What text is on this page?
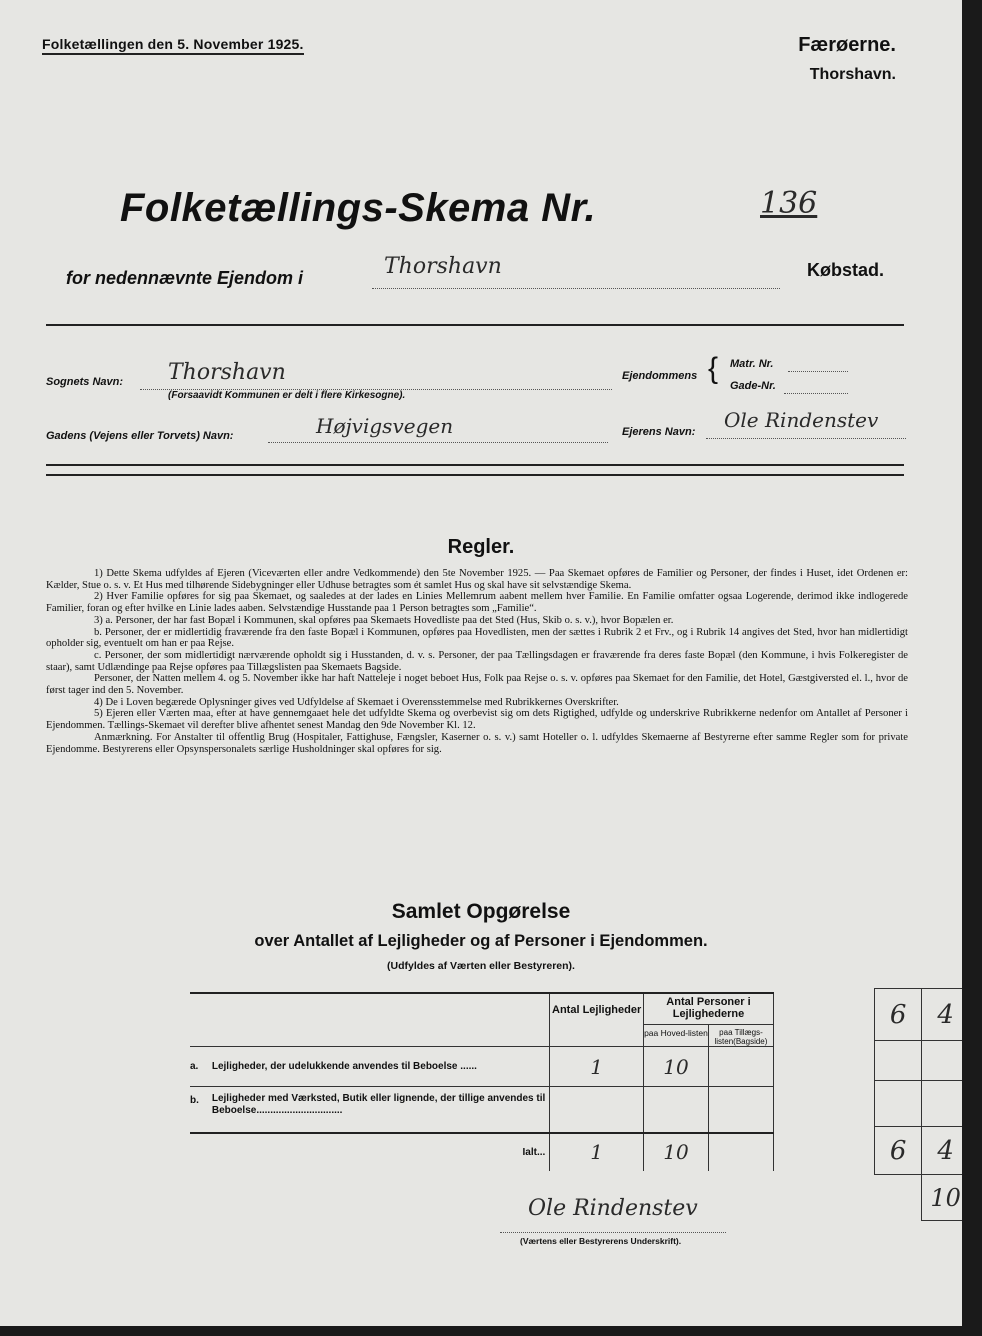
Folketællingen den 5. November 1925.	Færøerne.
Thorshavn.
Folketællings-Skema Nr.	136
for nedennævnte Ejendom i	Thorshavn	Købstad.
Sognets Navn: Thorshavn
(Forsaavidt Kommunen er delt i flere Kirkesogne).
Ejendommens { Matr. Nr.
Gade-Nr.
Gadens (Vejens eller Torvets) Navn:	Højvigsvegen	Ejerens Navn: Ole Rindenstev
Regler.

1) Dette Skema udfyldes af Ejeren (Viceværten eller andre Vedkommende) den 5te November 1925. — Paa Skemaet opføres de Familier og Personer, der findes i Huset, idet Ordenen er: Kælder, Stue o. s. v. Et Hus med tilhørende Sidebygninger eller Udhuse betragtes som ét samlet Hus og skal have sit selvstændige Skema.

2) Hver Familie opføres for sig paa Skemaet, og saaledes at der lades en Linies Mellemrum aabent mellem hver Familie. En Familie omfatter ogsaa Logerende, derimod ikke indlogerede Familier, foran og efter hvilke en Linie lades aaben. Selvstændige Husstande paa 1 Person betragtes som „Familie“.

3) a. Personer, der har fast Bopæl i Kommunen, skal opføres paa Skemaets Hovedliste paa det Sted (Hus, Skib o. s. v.), hvor Bopælen er.

b. Personer, der er midlertidig fraværende fra den faste Bopæl i Kommunen, opføres paa Hovedlisten, men der sættes i Rubrik 2 et Frv., og i Rubrik 14 angives det Sted, hvor han midlertidigt opholder sig, eventuelt om han er paa Rejse.

c. Personer, der som midlertidigt nærværende opholdt sig i Husstanden, d. v. s. Personer, der paa Tællingsdagen er fraværende fra deres faste Bopæl (den Kommune, i hvis Folkeregister de staar), samt Udlændinge paa Rejse opføres paa Tillægslisten paa Skemaets Bagside.

Personer, der Natten mellem 4. og 5. November ikke har haft Natteleje i noget beboet Hus, Folk paa Rejse o. s. v. opføres paa Skemaet for den Familie, det Hotel, Gæstgiversted el. l., hvor de først tager ind den 5. November.

4) De i Loven begærede Oplysninger gives ved Udfyldelse af Skemaet i Overensstemmelse med Rubrikkernes Overskrifter.

5) Ejeren eller Værten maa, efter at have gennemgaaet hele det udfyldte Skema og overbevist sig om dets Rigtighed, udfylde og underskrive Rubrikkerne nedenfor om Antallet af Personer i Ejendommen. Tællings-Skemaet vil derefter blive afhentet senest Mandag den 9de November Kl. 12.

Anmærkning. For Anstalter til offentlig Brug (Hospitaler, Fattighuse, Fængsler, Kaserner o. s. v.) samt Hoteller o. l. udfyldes Skemaerne af Bestyrerne efter samme Regler som for private Ejendomme. Bestyrerens eller Opsynspersonalets særlige Husholdninger skal opføres for sig.

Samlet Opgørelse
over Antallet af Lejligheder og af Personer i Ejendommen.
(Udfyldes af Værten eller Bestyreren).
		Antal Lejligheder	Antal Personer i Lejlighederne
paa Hoved-listen paa Tillægs-listen(Bagside)	

a.	Lejligheder, der udelukkende anvendes til Beboelse ......	1	10	
b.	Lejligheder med Værksted, Butik eller lignende, der tillige anvendes til Beboelse...............................			
	Ialt...	1	10	
6	4

6	4
	10
Ole Rindenstev
(Værtens eller Bestyrerens Underskrift).
